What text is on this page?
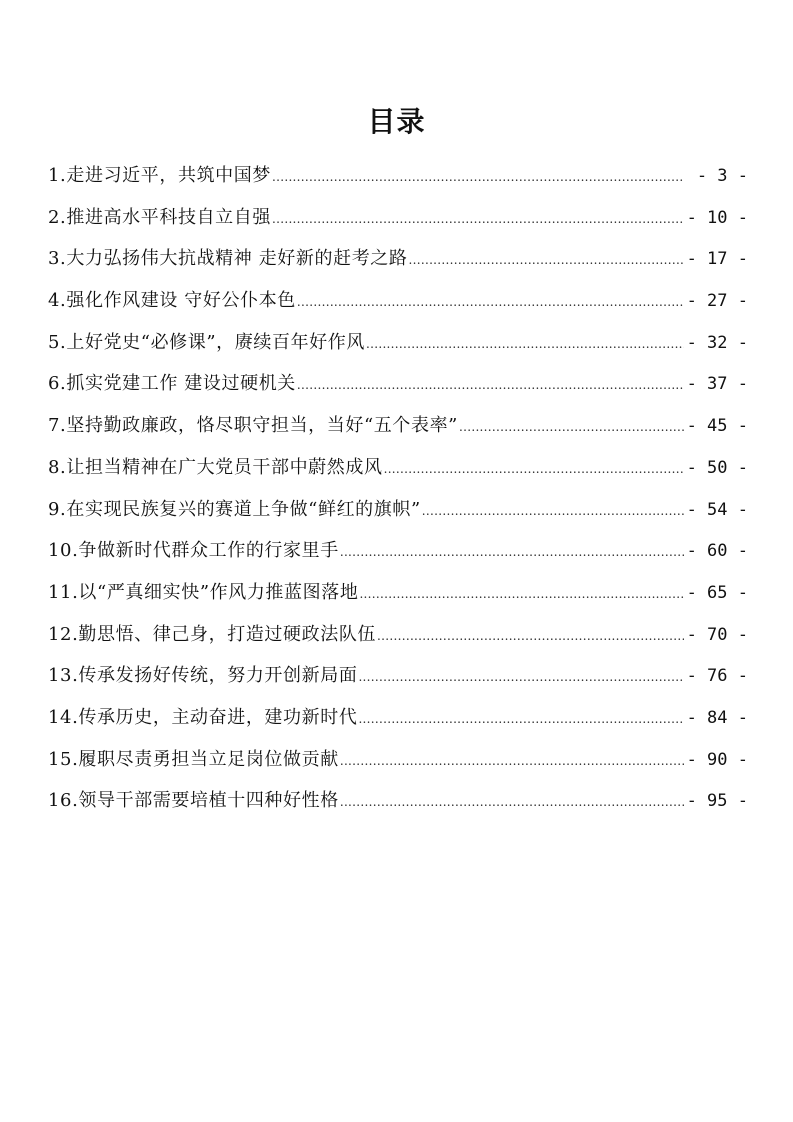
目录
1.走进习近平，共筑中国梦 .....	- 3 -
2.推进高水平科技自立自强 .....	- 10 -
3.大力弘扬伟大抗战精神 走好新的赶考之路 .....	- 17 -
4.强化作风建设 守好公仆本色 .....	- 27 -
5.上好党史“必修课”，赓续百年好作风 .....	- 32 -
6.抓实党建工作 建设过硬机关 .....	- 37 -
7.坚持勤政廉政，恪尽职守担当，当好“五个表率” .....	- 45 -
8.让担当精神在广大党员干部中蔚然成风 .....	- 50 -
9.在实现民族复兴的赛道上争做“鲜红的旗帜” .....	- 54 -
10.争做新时代群众工作的行家里手 .....	- 60 -
11.以“严真细实快”作风力推蓝图落地 .....	- 65 -
12.勤思悟、律己身，打造过硬政法队伍 .....	- 70 -
13.传承发扬好传统，努力开创新局面 .....	- 76 -
14.传承历史，主动奋进，建功新时代 .....	- 84 -
15.履职尽责勇担当立足岗位做贡献 .....	- 90 -
16.领导干部需要培植十四种好性格 .....	- 95 -
